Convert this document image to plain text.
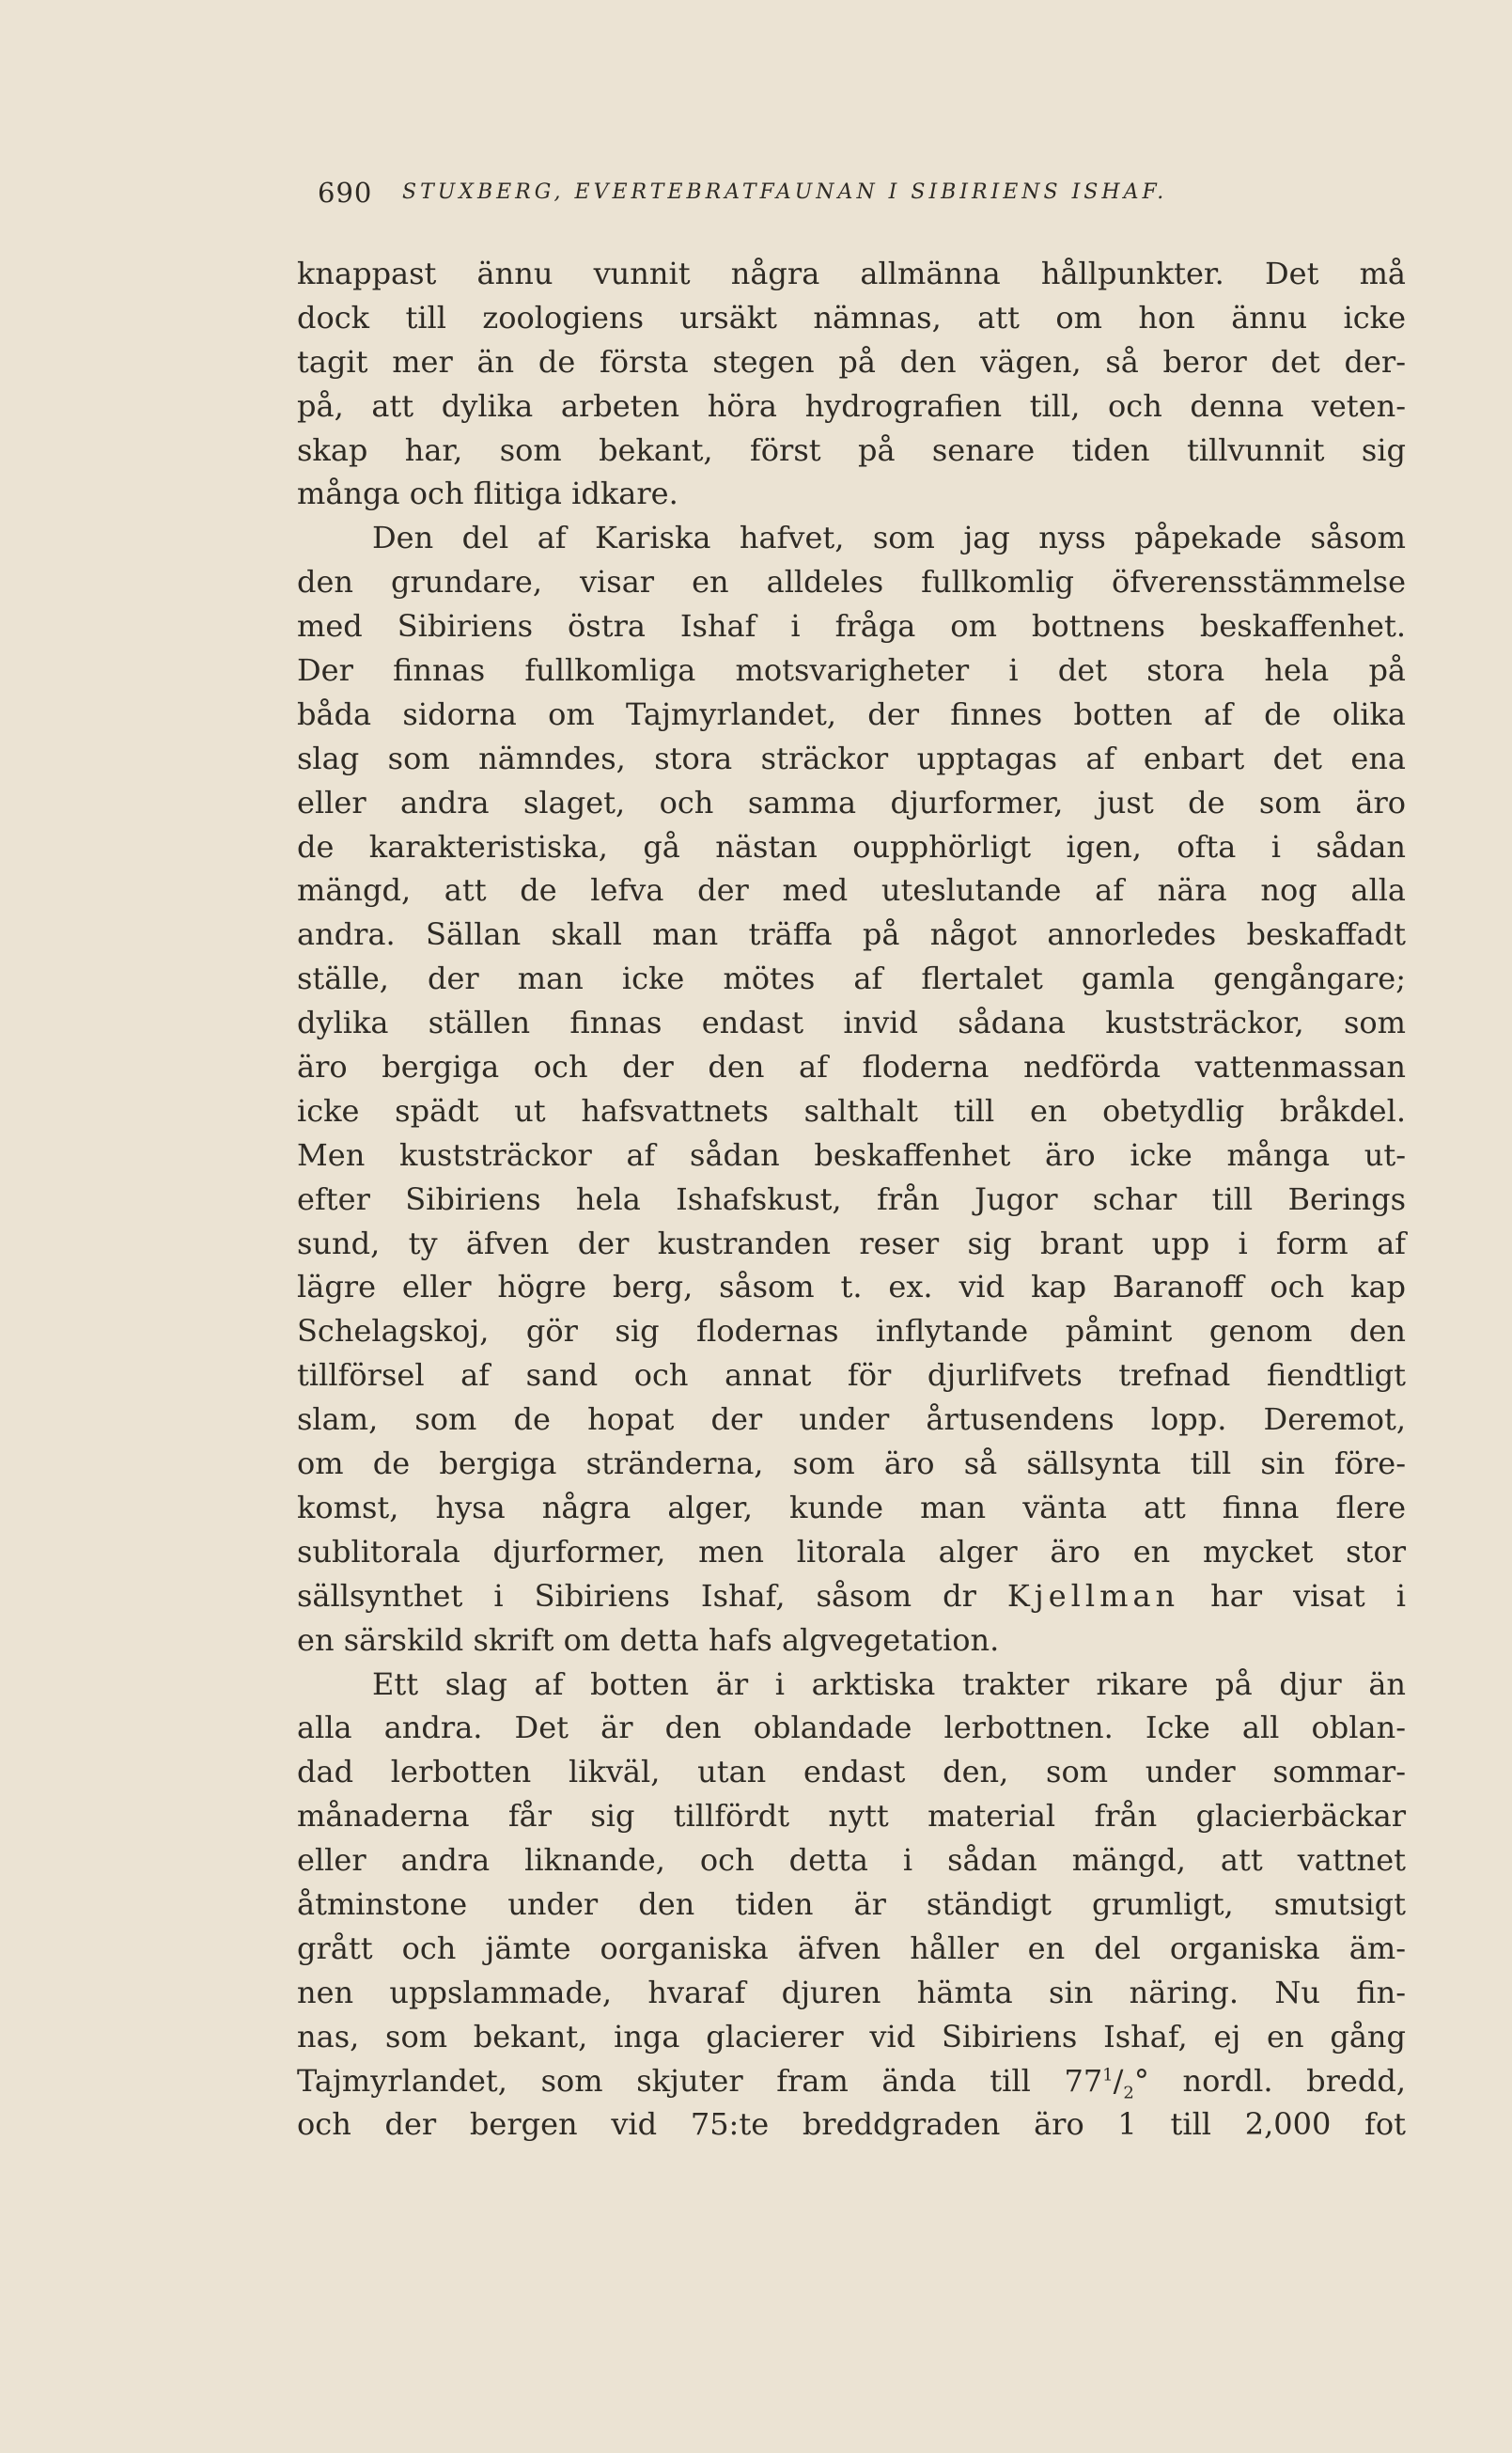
690 STUXBERG, EVERTEBRATFAUNAN I SIBIRIENS ISHAF.
knappast ännu vunnit några allmänna hållpunkter. Det må
dock till zoologiens ursäkt nämnas, att om hon ännu icke
tagit mer än de första stegen på den vägen, så beror det der-
på, att dylika arbeten höra hydrografien till, och denna veten-
skap har, som bekant, först på senare tiden tillvunnit sig
många och flitiga idkare.
Den del af Kariska hafvet, som jag nyss påpekade såsom
den grundare, visar en alldeles fullkomlig öfverensstämmelse
med Sibiriens östra Ishaf i fråga om bottnens beskaffenhet.
Der finnas fullkomliga motsvarigheter i det stora hela på
båda sidorna om Tajmyrlandet, der finnes botten af de olika
slag som nämndes, stora sträckor upptagas af enbart det ena
eller andra slaget, och samma djurformer, just de som äro
de karakteristiska, gå nästan oupphörligt igen, ofta i sådan
mängd, att de lefva der med uteslutande af nära nog alla
andra. Sällan skall man träffa på något annorledes beskaffadt
ställe, der man icke mötes af flertalet gamla gengångare;
dylika ställen finnas endast invid sådana kuststräckor, som
äro bergiga och der den af floderna nedförda vattenmassan
icke spädt ut hafsvattnets salthalt till en obetydlig bråkdel.
Men kuststräckor af sådan beskaffenhet äro icke många ut-
efter Sibiriens hela Ishafskust, från Jugor schar till Berings
sund, ty äfven der kustranden reser sig brant upp i form af
lägre eller högre berg, såsom t. ex. vid kap Baranoff och kap
Schelagskoj, gör sig flodernas inflytande påmint genom den
tillförsel af sand och annat för djurlifvets trefnad fiendtligt
slam, som de hopat der under årtusendens lopp. Deremot,
om de bergiga stränderna, som äro så sällsynta till sin före-
komst, hysa några alger, kunde man vänta att finna flere
sublitorala djurformer, men litorala alger äro en mycket stor
sällsynthet i Sibiriens Ishaf, såsom dr Kjellman har visat i
en särskild skrift om detta hafs algvegetation.
Ett slag af botten är i arktiska trakter rikare på djur än
alla andra. Det är den oblandade lerbottnen. Icke all oblan-
dad lerbotten likväl, utan endast den, som under sommar-
månaderna får sig tillfördt nytt material från glacierbäckar
eller andra liknande, och detta i sådan mängd, att vattnet
åtminstone under den tiden är ständigt grumligt, smutsigt
grått och jämte oorganiska äfven håller en del organiska äm-
nen uppslammade, hvaraf djuren hämta sin näring. Nu fin-
nas, som bekant, inga glacierer vid Sibiriens Ishaf, ej en gång
Tajmyrlandet, som skjuter fram ända till $77^1/_2^\circ$ nordl. bredd,
och der bergen vid 75:te breddgraden äro 1 till 2,000 fot
